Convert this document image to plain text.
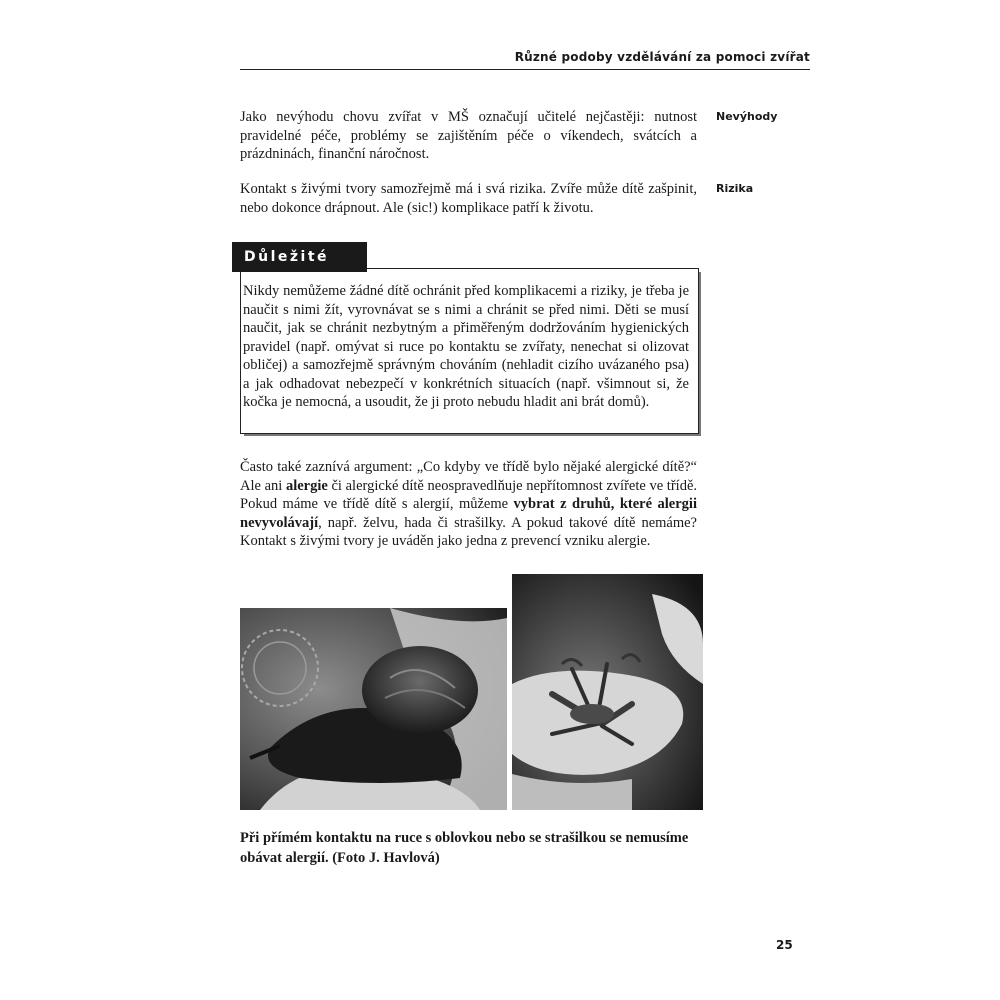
Různé podoby vzdělávání za pomoci zvířat
Jako nevýhodu chovu zvířat v MŠ označují učitelé nejčastěji: nutnost pravidelné péče, problémy se zajištěním péče o víkendech, svátcích a prázdninách, finanční náročnost.
Nevýhody
Kontakt s živými tvory samozřejmě má i svá rizika. Zvíře může dítě zašpinit, nebo dokonce drápnout. Ale (sic!) komplikace patří k životu.
Rizika
Důležité
Nikdy nemůžeme žádné dítě ochránit před komplikacemi a riziky, je třeba je naučit s nimi žít, vyrovnávat se s nimi a chránit se před nimi. Děti se musí naučit, jak se chránit nezbytným a přiměřeným dodržováním hygienických pravidel (např. omývat si ruce po kontaktu se zvířaty, nenechat si olizovat obličej) a samozřejmě správným chováním (nehladit cizího uvázaného psa) a jak odhadovat nebezpečí v konkrétních situacích (např. všimnout si, že kočka je nemocná, a usoudit, že ji proto nebudu hladit ani brát domů).
Často také zaznívá argument: „Co kdyby ve třídě bylo nějaké alergické dítě?“ Ale ani alergie či alergické dítě neospravedlňuje nepřítomnost zvířete ve třídě. Pokud máme ve třídě dítě s alergií, můžeme vybrat z druhů, které alergii nevyvolávají, např. želvu, hada či strašilky. A pokud takové dítě nemáme? Kontakt s živými tvory je uváděn jako jedna z prevencí vzniku alergie.
Při přímém kontaktu na ruce s oblovkou nebo se strašilkou se nemusíme obávat alergií. (Foto J. Havlová)
25
